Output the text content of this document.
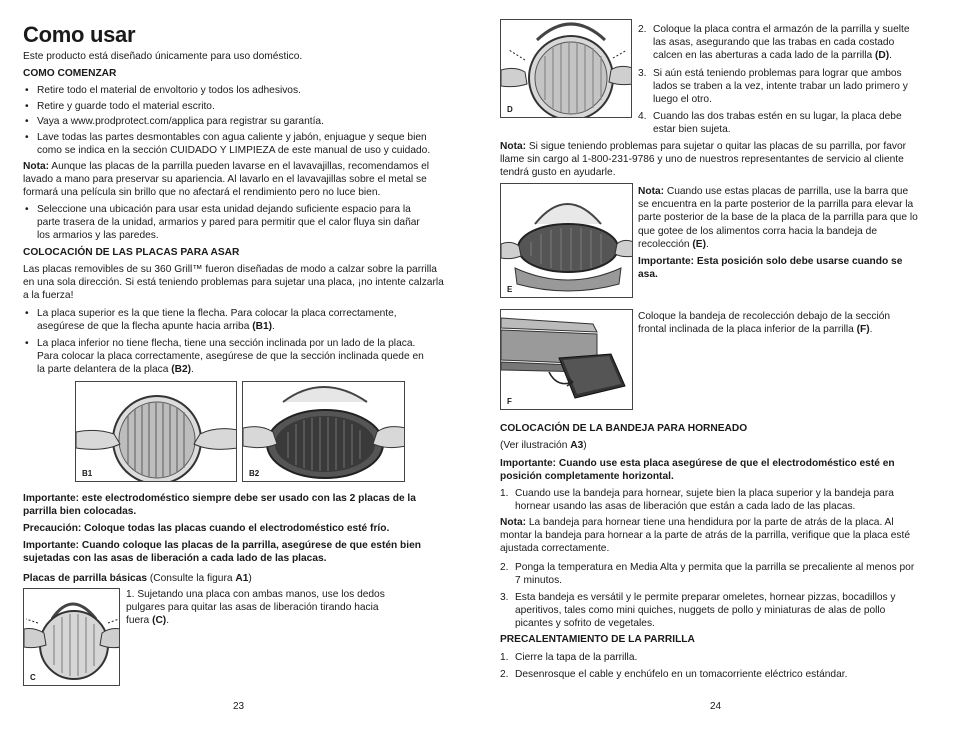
Como usar
Este producto está diseñado únicamente para uso doméstico.
COMO COMENZAR
• Retire todo el material de envoltorio y todos los adhesivos.
• Retire y guarde todo el material escrito.
• Vaya a www.prodprotect.com/applica para registrar su garantía.
• Lave todas las partes desmontables con agua caliente y jabón, enjuague y seque bien como se indica en la sección CUIDADO Y LIMPIEZA de este manual de uso y cuidado.
Nota: Aunque las placas de la parrilla pueden lavarse en el lavavajillas, recomendamos el lavado a mano para preservar su apariencia. Al lavarlo en el lavavajillas sobre el metal se formará una película sin brillo que no afectará el rendimiento pero no luce bien.
• Seleccione una ubicación para usar esta unidad dejando suficiente espacio para la parte trasera de la unidad, armarios y pared para permitir que el calor fluya sin dañar los armarios y las paredes.
COLOCACIÓN DE LAS PLACAS PARA ASAR
Las placas removibles de su 360 Grill™ fueron diseñadas de modo a calzar sobre la parrilla en una sola dirección. Si está teniendo problemas para sujetar una placa, ¡no intente calzarla a la fuerza!
• La placa superior es la que tiene la flecha. Para colocar la placa correctamente, asegúrese de que la flecha apunte hacia arriba (B1).
• La placa inferior no tiene flecha, tiene una sección inclinada por un lado de la placa. Para colocar la placa correctamente, asegúrese de que la sección inclinada quede en la parte delantera de la placa (B2).
B1	B2
Importante: este electrodoméstico siempre debe ser usado con las 2 placas de la parrilla bien colocadas.
Precaución: Coloque todas las placas cuando el electrodoméstico esté frío.
Importante: Cuando coloque las placas de la parrilla, asegúrese de que estén bien sujetadas con las asas de liberación a cada lado de las placas.
Placas de parrilla básicas (Consulte la figura A1)
C
1. Sujetando una placa con ambas manos, use los dedos pulgares para quitar las asas de liberación tirando hacia fuera (C).
23
D
2. Coloque la placa contra el armazón de la parrilla y suelte las asas, asegurando que las trabas en cada costado calcen en las aberturas a cada lado de la parrilla (D).
3. Si aún está teniendo problemas para lograr que ambos lados se traben a la vez, intente trabar un lado primero y luego el otro.
4. Cuando las dos trabas estén en su lugar, la placa debe estar bien sujeta.
Nota: Si sigue teniendo problemas para sujetar o quitar las placas de su parrilla, por favor llame sin cargo al 1-800-231-9786 y uno de nuestros representantes de servicio al cliente tendrá gusto en ayudarle.
E
Nota: Cuando use estas placas de parrilla, use la barra que se encuentra en la parte posterior de la parrilla para elevar la parte posterior de la base de la placa de la parrilla para que lo que gotee de los alimentos corra hacia la bandeja de recolección (E).
Importante: Esta posición solo debe usarse cuando se asa.
F
Coloque la bandeja de recolección debajo de la sección frontal inclinada de la placa inferior de la parrilla (F).
COLOCACIÓN DE LA BANDEJA PARA HORNEADO
(Ver ilustración A3)
Importante: Cuando use esta placa asegúrese de que el electrodoméstico esté en posición completamente horizontal.
1. Cuando use la bandeja para hornear, sujete bien la placa superior y la bandeja para hornear usando las asas de liberación que están a cada lado de las placas.
Nota: La bandeja para hornear tiene una hendidura por la parte de atrás de la placa. Al montar la bandeja para hornear a la parte de atrás de la parrilla, verifique que la placa esté ajustada correctamente.
2. Ponga la temperatura en Media Alta y permita que la parrilla se precaliente al menos por 7 minutos.
3. Esta bandeja es versátil y le permite preparar omeletes, hornear pizzas, bocadillos y aperitivos, tales como mini quiches, nuggets de pollo y miniaturas de alas de pollo picantes y sofrito de vegetales.
PRECALENTAMIENTO DE LA PARRILLA
1. Cierre la tapa de la parrilla.
2. Desenrosque el cable y enchúfelo en un tomacorriente eléctrico estándar.
24
